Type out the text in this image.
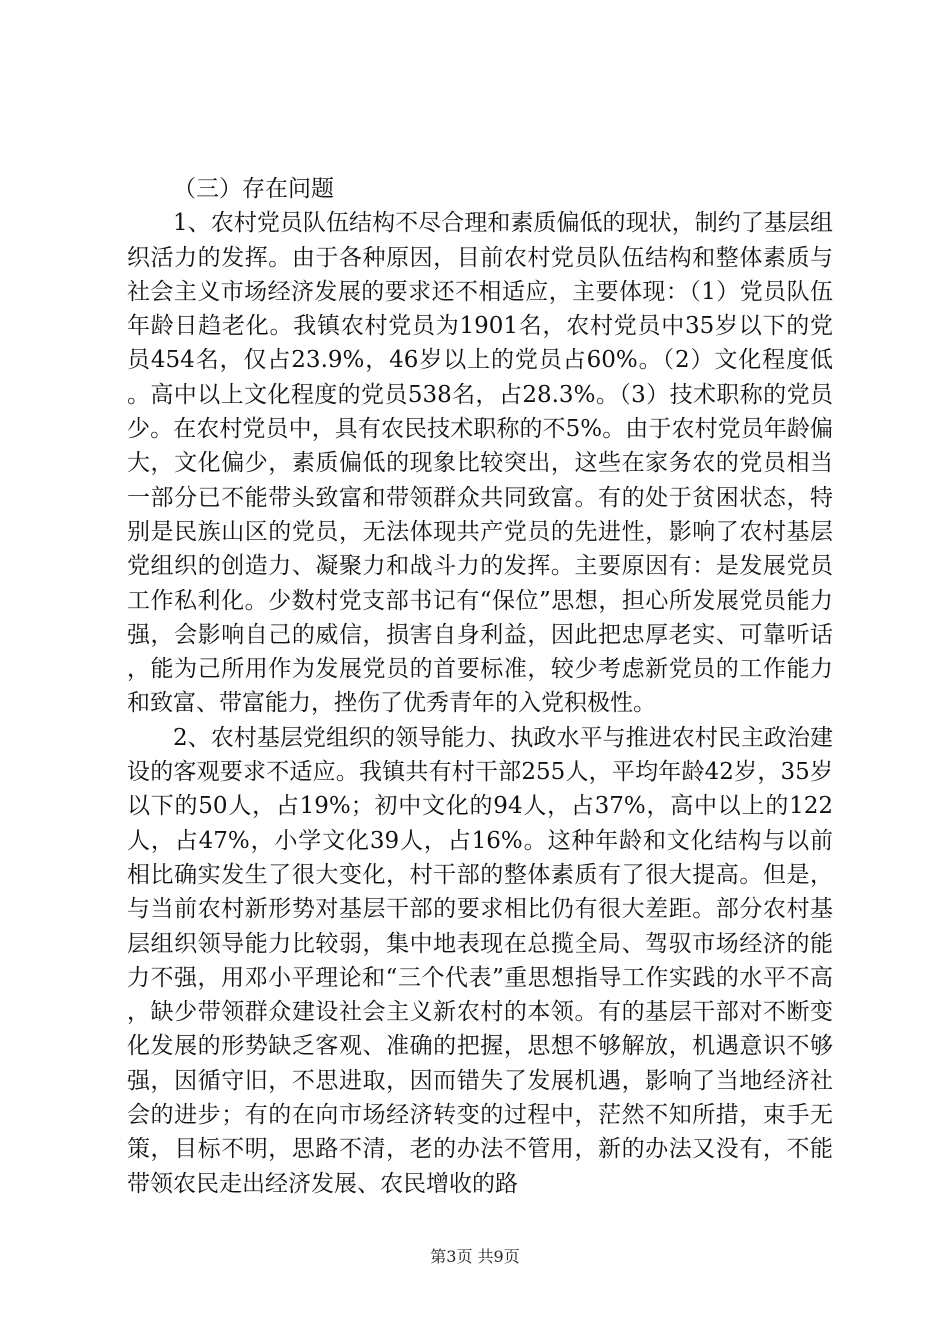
（三）存在问题

1、农村党员队伍结构不尽合理和素质偏低的现状，制约了基层组织活力的发挥。由于各种原因，目前农村党员队伍结构和整体素质与社会主义市场经济发展的要求还不相适应，主要体现：（1）党员队伍年龄日趋老化。我镇农村党员为1901名，农村党员中35岁以下的党员454名，仅占23.9%，46岁以上的党员占60%。（2）文化程度低。高中以上文化程度的党员538名，占28.3%。（3）技术职称的党员少。在农村党员中，具有农民技术职称的不5%。由于农村党员年龄偏大，文化偏少，素质偏低的现象比较突出，这些在家务农的党员相当一部分已不能带头致富和带领群众共同致富。有的处于贫困状态，特别是民族山区的党员，无法体现共产党员的先进性，影响了农村基层党组织的创造力、凝聚力和战斗力的发挥。主要原因有：是发展党员工作私利化。少数村党支部书记有“保位”思想，担心所发展党员能力强，会影响自己的威信，损害自身利益，因此把忠厚老实、可靠听话，能为己所用作为发展党员的首要标准，较少考虑新党员的工作能力和致富、带富能力，挫伤了优秀青年的入党积极性。

2、农村基层党组织的领导能力、执政水平与推进农村民主政治建设的客观要求不适应。我镇共有村干部255人，平均年龄42岁，35岁以下的50人，占19%；初中文化的94人，占37%，高中以上的122人，占47%，小学文化39人，占16%。这种年龄和文化结构与以前相比确实发生了很大变化，村干部的整体素质有了很大提高。但是，与当前农村新形势对基层干部的要求相比仍有很大差距。部分农村基层组织领导能力比较弱，集中地表现在总揽全局、驾驭市场经济的能力不强，用邓小平理论和“三个代表”重思想指导工作实践的水平不高，缺少带领群众建设社会主义新农村的本领。有的基层干部对不断变化发展的形势缺乏客观、准确的把握，思想不够解放，机遇意识不够强，因循守旧，不思进取，因而错失了发展机遇，影响了当地经济社会的进步；有的在向市场经济转变的过程中，茫然不知所措，束手无策，目标不明，思路不清，老的办法不管用，新的办法又没有，不能带领农民走出经济发展、农民增收的路

第3页 共9页
